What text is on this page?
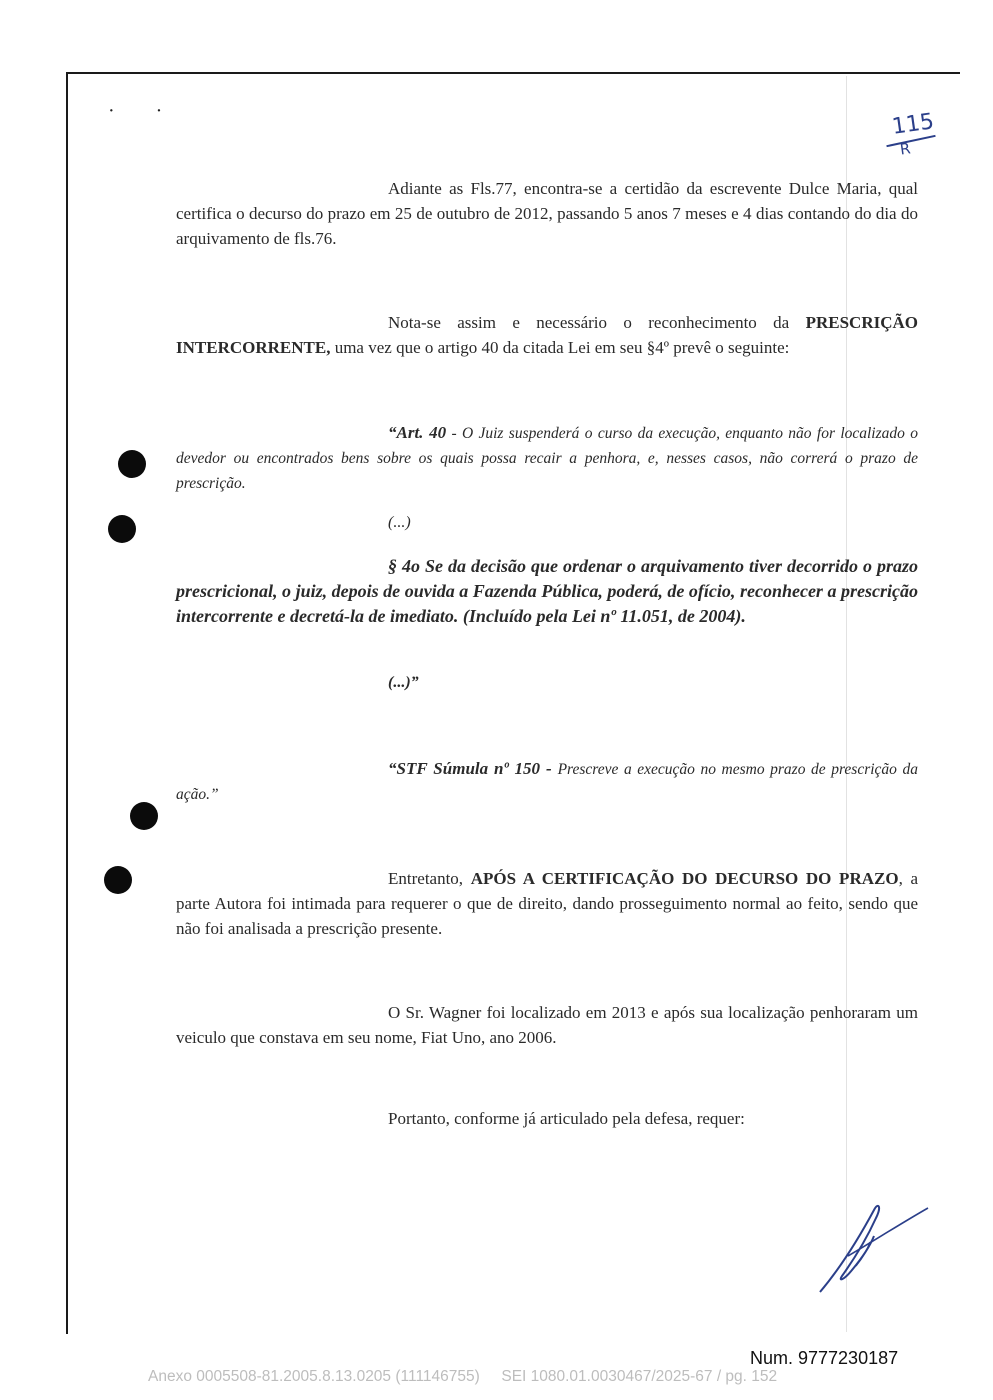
· ·	115
R

Adiante as Fls.77, encontra-se a certidão da escrevente Dulce Maria, qual certifica o decurso do prazo em 25 de outubro de 2012, passando 5 anos 7 meses e 4 dias contando do dia do arquivamento de fls.76.

Nota-se assim e necessário o reconhecimento da PRESCRIÇÃO INTERCORRENTE, uma vez que o artigo 40 da citada Lei em seu §4º prevê o seguinte:

“Art. 40 - O Juiz suspenderá o curso da execução, enquanto não for localizado o devedor ou encontrados bens sobre os quais possa recair a penhora, e, nesses casos, não correrá o prazo de prescrição.

(...)

§ 4o Se da decisão que ordenar o arquivamento tiver decorrido o prazo prescricional, o juiz, depois de ouvida a Fazenda Pública, poderá, de ofício, reconhecer a prescrição intercorrente e decretá-la de imediato. (Incluído pela Lei nº 11.051, de 2004).

(...)”

“STF Súmula nº 150 - Prescreve a execução no mesmo prazo de prescrição da ação.”

Entretanto, APÓS A CERTIFICAÇÃO DO DECURSO DO PRAZO, a parte Autora foi intimada para requerer o que de direito, dando prosseguimento normal ao feito, sendo que não foi analisada a prescrição presente.

O Sr. Wagner foi localizado em 2013 e após sua localização penhoraram um veiculo que constava em seu nome, Fiat Uno, ano 2006.

Portanto, conforme já articulado pela defesa, requer:

Num. 9777230187
Anexo 0005508-81.2005.8.13.0205 (111146755) SEI 1080.01.0030467/2025-67 / pg. 152
